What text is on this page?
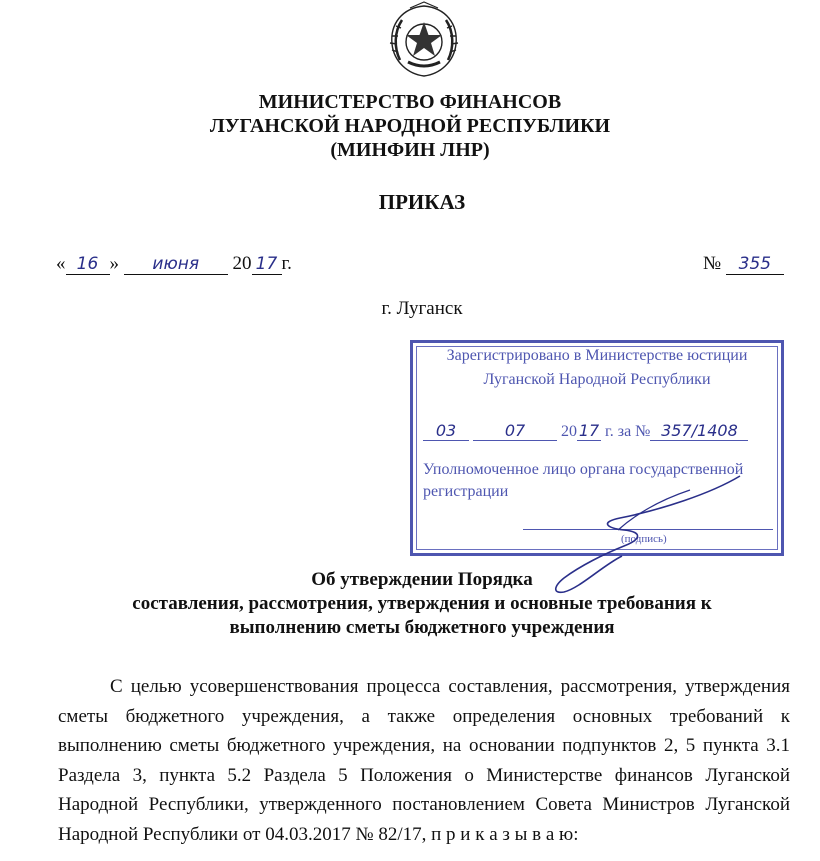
МИНИСТЕРСТВО ФИНАНСОВ
ЛУГАНСКОЙ НАРОДНОЙ РЕСПУБЛИКИ
(МИНФИН ЛНР)
ПРИКАЗ
« 16 » июня 20 17 г.	№ 355
г. Луганск
Зарегистрировано в Министерстве юстиции
Луганской Народной Республики
03	07 20 17 г. за № 357/1408
Уполномоченное лицо органа государственной
регистрации
(подпись)
Об утверждении Порядка
составления, рассмотрения, утверждения и основные требования к
выполнению сметы бюджетного учреждения

С целью усовершенствования процесса составления, рассмотрения, утверждения сметы бюджетного учреждения, а также определения основных требований к выполнению сметы бюджетного учреждения, на основании подпунктов 2, 5 пункта 3.1 Раздела 3, пункта 5.2 Раздела 5 Положения о Министерстве финансов Луганской Народной Республики, утвержденного постановлением Совета Министров Луганской Народной Республики от 04.03.2017 № 82/17, п р и к а з ы в а ю:
